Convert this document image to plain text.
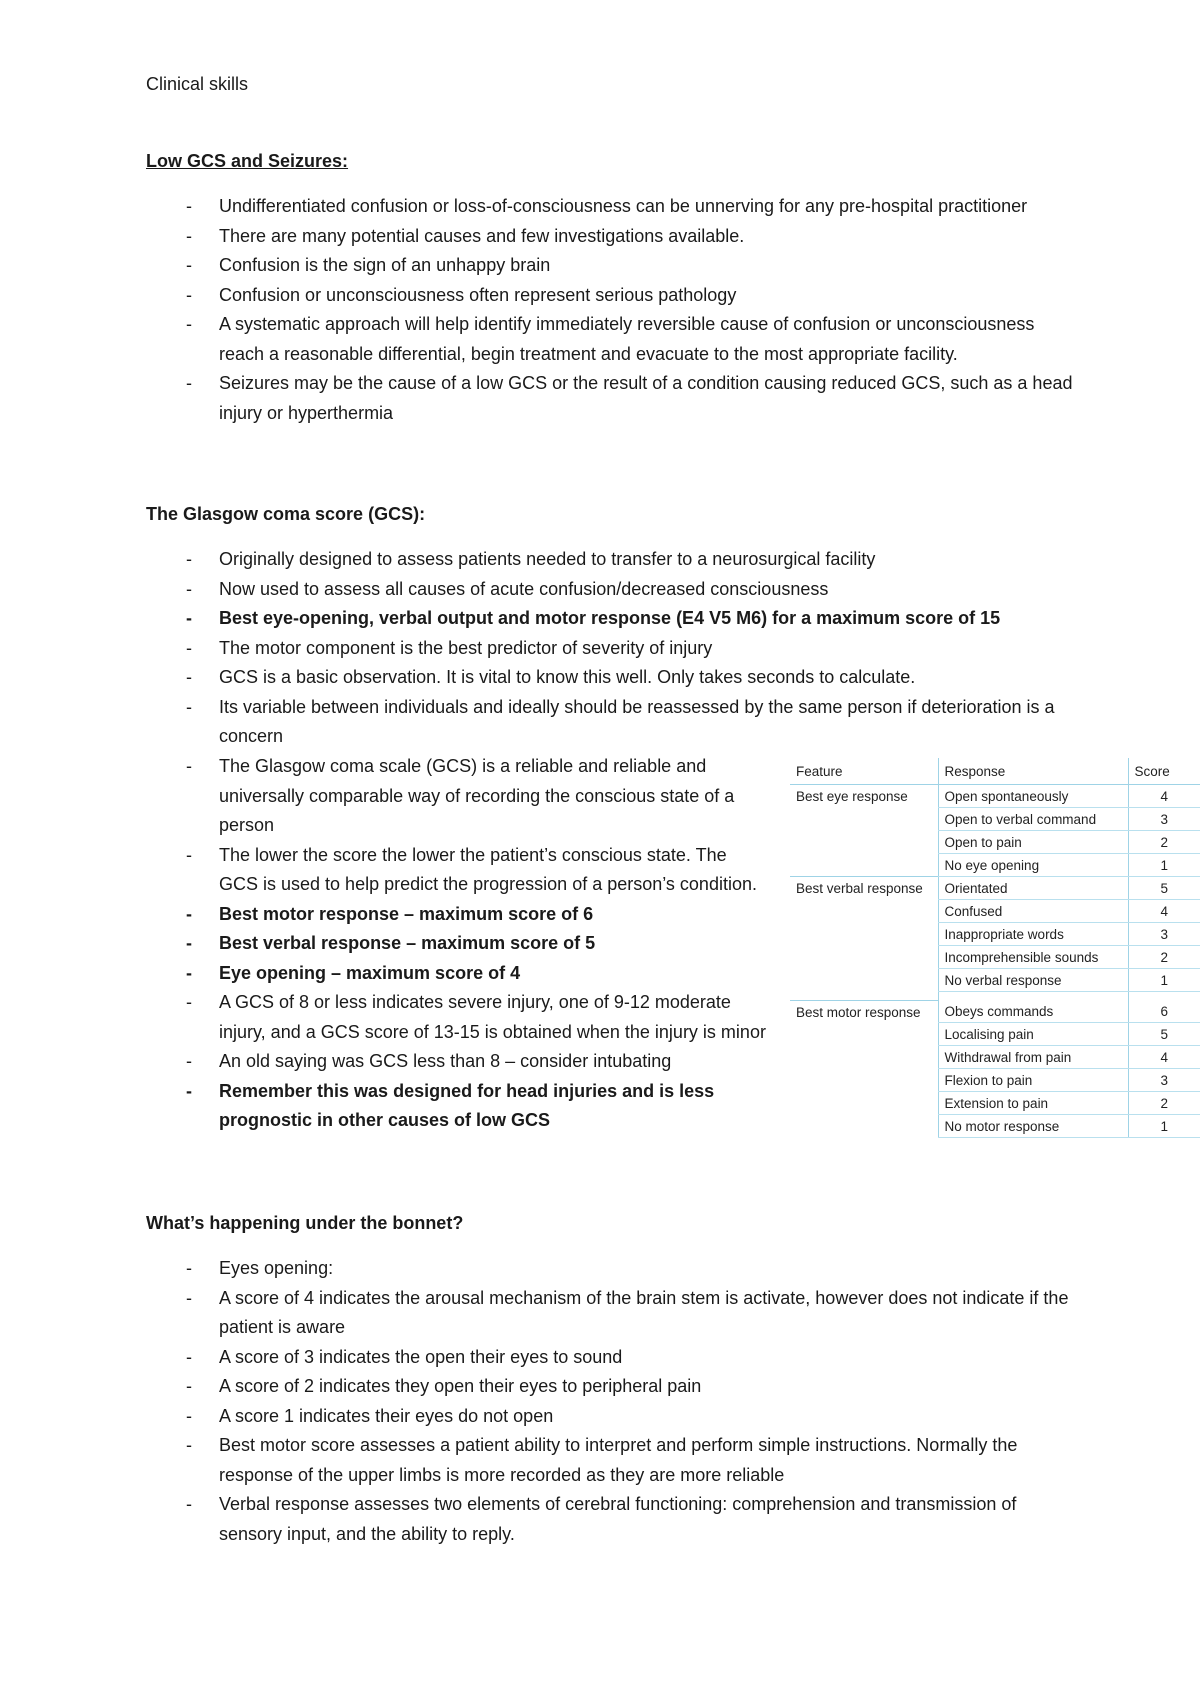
Clinical skills
Low GCS and Seizures:
- Undifferentiated confusion or loss-of-consciousness can be unnerving for any pre-hospital practitioner
- There are many potential causes and few investigations available.
- Confusion is the sign of an unhappy brain
- Confusion or unconsciousness often represent serious pathology
- A systematic approach will help identify immediately reversible cause of confusion or unconsciousness reach a reasonable differential, begin treatment and evacuate to the most appropriate facility.
- Seizures may be the cause of a low GCS or the result of a condition causing reduced GCS, such as a head injury or hyperthermia
The Glasgow coma score (GCS):
- Originally designed to assess patients needed to transfer to a neurosurgical facility
- Now used to assess all causes of acute confusion/decreased consciousness
- Best eye-opening, verbal output and motor response (E4 V5 M6) for a maximum score of 15
- The motor component is the best predictor of severity of injury
- GCS is a basic observation. It is vital to know this well. Only takes seconds to calculate.
- Its variable between individuals and ideally should be reassessed by the same person if deterioration is a concern
- The Glasgow coma scale (GCS) is a reliable and reliable and universally comparable way of recording the conscious state of a person
- The lower the score the lower the patient’s conscious state. The GCS is used to help predict the progression of a person’s condition.
- Best motor response – maximum score of 6
- Best verbal response – maximum score of 5
- Eye opening – maximum score of 4
- A GCS of 8 or less indicates severe injury, one of 9-12 moderate injury, and a GCS score of 13-15 is obtained when the injury is minor
- An old saying was GCS less than 8 – consider intubating
- Remember this was designed for head injuries and is less prognostic in other causes of low GCS
Feature	Response	Score
Best eye response	Open spontaneously	4
	Open to verbal command	3
	Open to pain	2
	No eye opening	1
Best verbal response	Orientated	5
	Confused	4
	Inappropriate words	3
	Incomprehensible sounds	2
	No verbal response	1

Best motor response	Obeys commands	6
	Localising pain	5
	Withdrawal from pain	4
	Flexion to pain	3
	Extension to pain	2
	No motor response	1
What’s happening under the bonnet?
- Eyes opening:
- A score of 4 indicates the arousal mechanism of the brain stem is activate, however does not indicate if the patient is aware
- A score of 3 indicates the open their eyes to sound
- A score of 2 indicates they open their eyes to peripheral pain
- A score 1 indicates their eyes do not open
- Best motor score assesses a patient ability to interpret and perform simple instructions. Normally the response of the upper limbs is more recorded as they are more reliable
- Verbal response assesses two elements of cerebral functioning: comprehension and transmission of sensory input, and the ability to reply.
